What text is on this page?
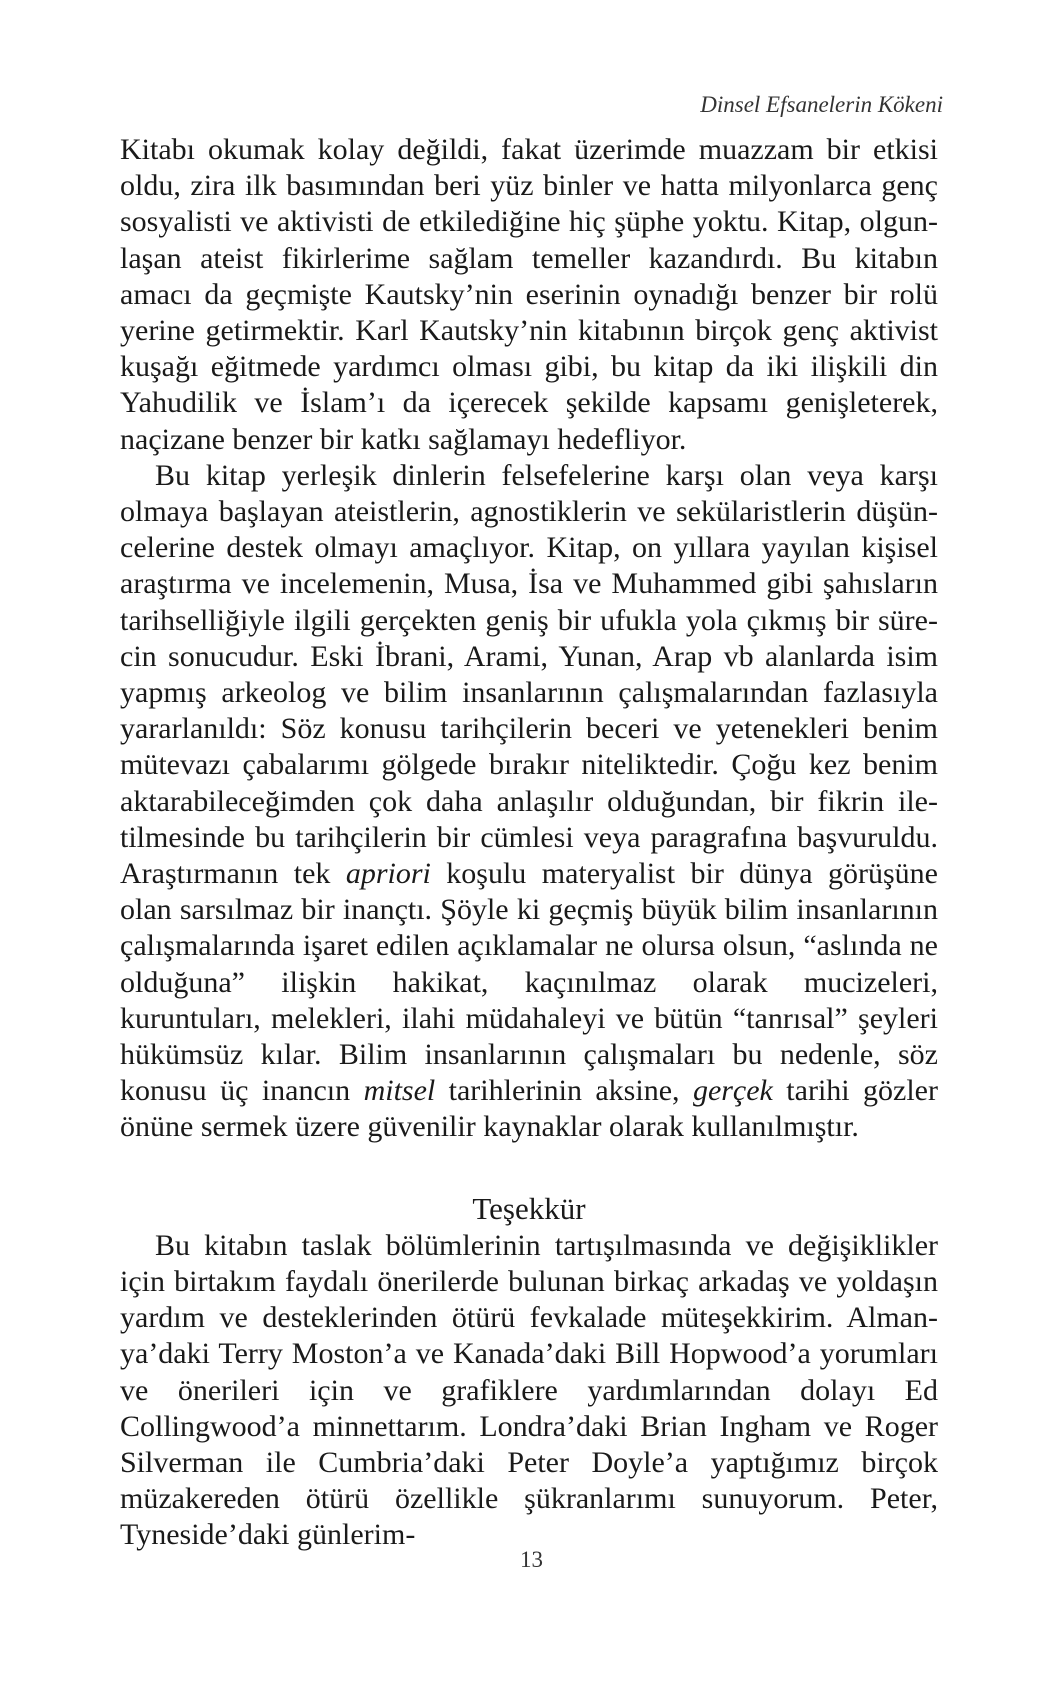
Dinsel Efsanelerin Kökeni

Kitabı okumak kolay değildi, fakat üzerimde muazzam bir etkisi oldu, zira ilk basımından beri yüz binler ve hatta milyonlarca genç sosyalisti ve aktivisti de etkilediğine hiç şüphe yoktu. Kitap, olgunlaşan ateist fikirlerime sağlam temeller kazandırdı. Bu kitabın amacı da geçmişte Kautsky’nin eserinin oynadığı benzer bir rolü yerine getirmektir. Karl Kautsky’nin kitabının birçok genç aktivist kuşağı eğitmede yardımcı olması gibi, bu kitap da iki ilişkili din Yahudilik ve İslam’ı da içerecek şekilde kapsamı genişleterek, naçizane benzer bir katkı sağlamayı hedefliyor.

Bu kitap yerleşik dinlerin felsefelerine karşı olan veya karşı olmaya başlayan ateistlerin, agnostiklerin ve sekülaristlerin düşüncelerine destek olmayı amaçlıyor. Kitap, on yıllara yayılan kişisel araştırma ve incelemenin, Musa, İsa ve Muhammed gibi şahısların tarihselliğiyle ilgili gerçekten geniş bir ufukla yola çıkmış bir sürecin sonucudur. Eski İbrani, Arami, Yunan, Arap vb alanlarda isim yapmış arkeolog ve bilim insanlarının çalışmalarından fazlasıyla yararlanıldı: Söz konusu tarihçilerin beceri ve yetenekleri benim mütevazı çabalarımı gölgede bırakır niteliktedir. Çoğu kez benim aktarabileceğimden çok daha anlaşılır olduğundan, bir fikrin iletilmesinde bu tarihçilerin bir cümlesi veya paragrafına başvuruldu. Araştırmanın tek apriori koşulu materyalist bir dünya görüşüne olan sarsılmaz bir inançtı. Şöyle ki geçmiş büyük bilim insanlarının çalışmalarında işaret edilen açıklamalar ne olursa olsun, “aslında ne olduğuna” ilişkin hakikat, kaçınılmaz olarak mucizeleri, kuruntuları, melekleri, ilahi müdahaleyi ve bütün “tanrısal” şeyleri hükümsüz kılar. Bilim insanlarının çalışmaları bu nedenle, söz konusu üç inancın mitsel tarihlerinin aksine, gerçek tarihi gözler önüne sermek üzere güvenilir kaynaklar olarak kullanılmıştır.

Teşekkür

Bu kitabın taslak bölümlerinin tartışılmasında ve değişiklikler için birtakım faydalı önerilerde bulunan birkaç arkadaş ve yoldaşın yardım ve desteklerinden ötürü fevkalade müteşekkirim. Almanya’daki Terry Moston’a ve Kanada’daki Bill Hopwood’a yorumları ve önerileri için ve grafiklere yardımlarından dolayı Ed Collingwood’a minnettarım. Londra’daki Brian Ingham ve Roger Silverman ile Cumbria’daki Peter Doyle’a yaptığımız birçok müzakereden ötürü özellikle şükranlarımı sunuyorum. Peter, Tyneside’daki günlerim-

13
